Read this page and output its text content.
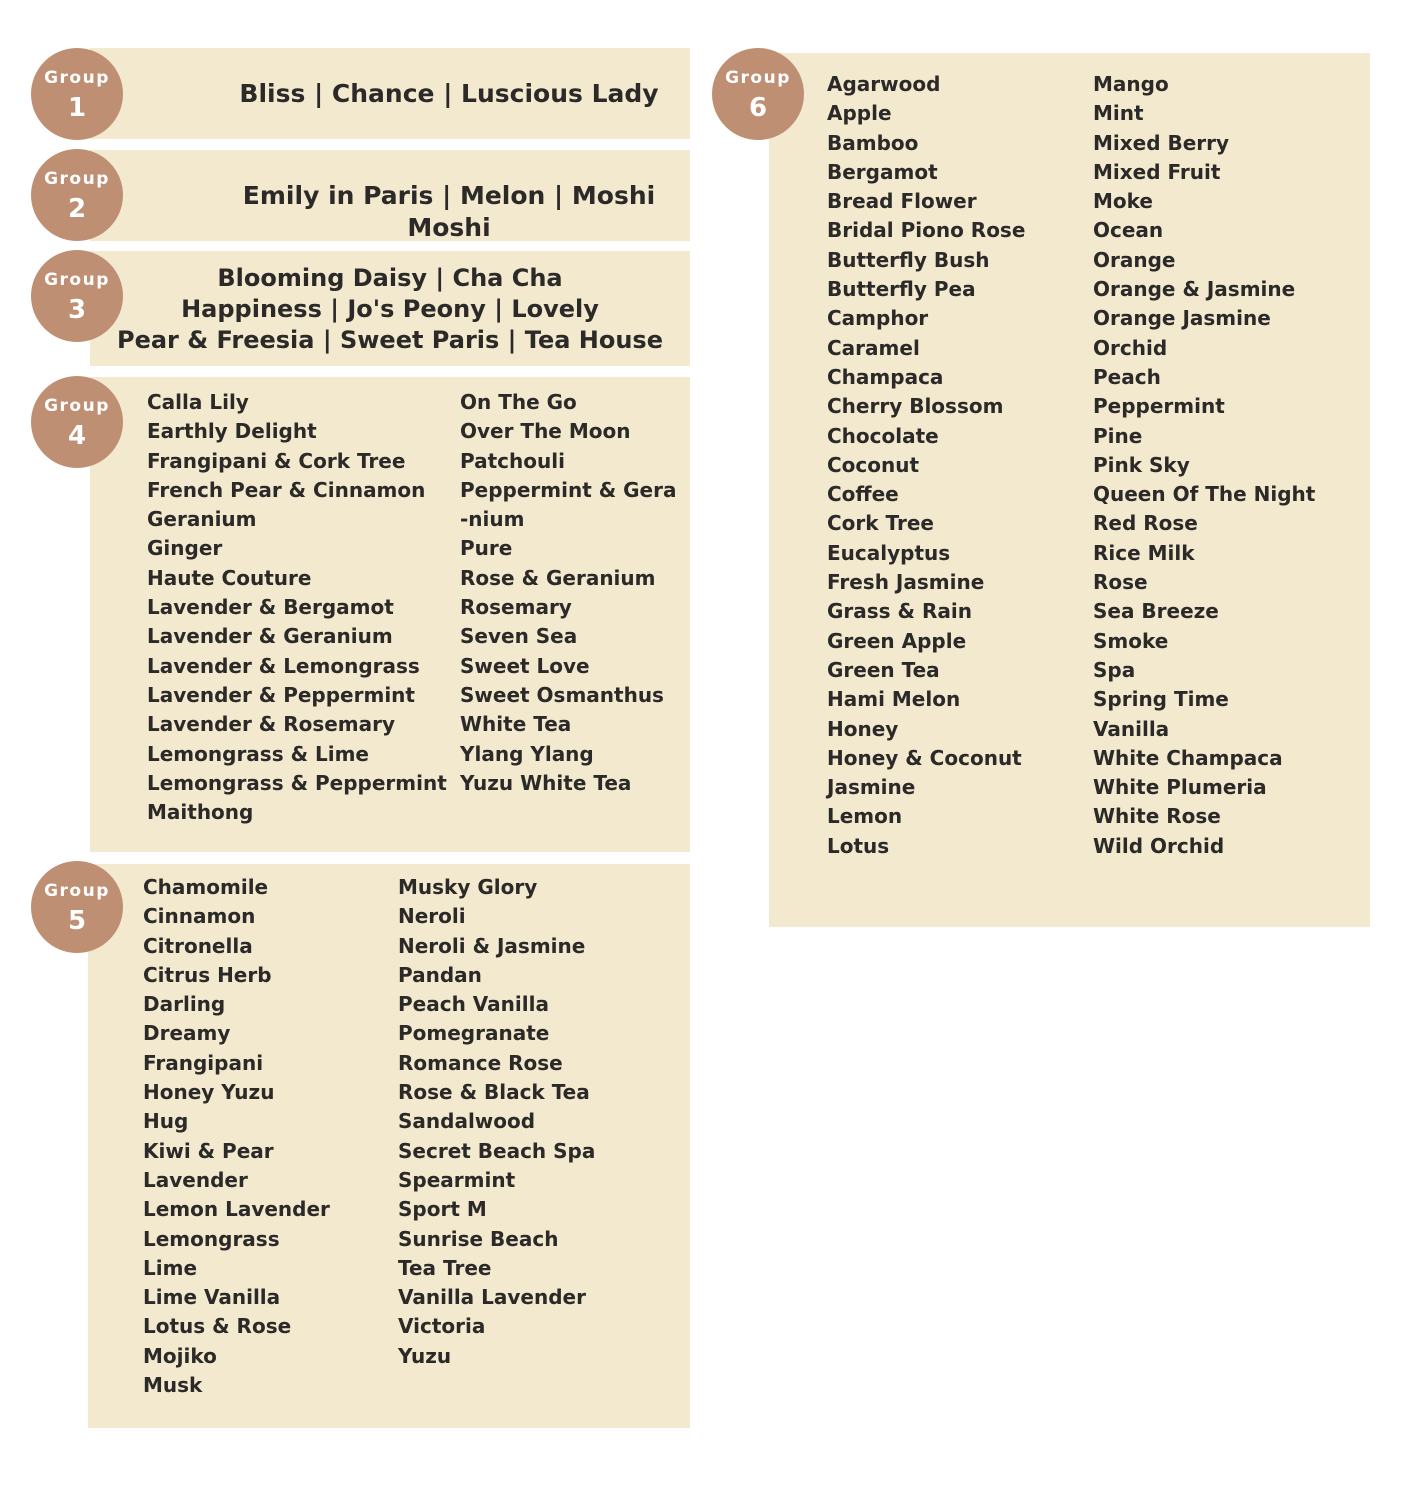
Bliss | Chance | Luscious Lady
Group
1
Emily in Paris | Melon | Moshi Moshi
Group
2
Blooming Daisy | Cha Cha
Happiness | Jo's Peony | Lovely
Pear & Freesia | Sweet Paris | Tea House
Group
3
Calla Lily
Earthly Delight
Frangipani & Cork Tree
French Pear & Cinnamon
Geranium
Ginger
Haute Couture
Lavender & Bergamot
Lavender & Geranium
Lavender & Lemongrass
Lavender & Peppermint
Lavender & Rosemary
Lemongrass & Lime
Lemongrass & Peppermint
Maithong
On The Go
Over The Moon
Patchouli
Peppermint & Gera-nium
Pure
Rose & Geranium
Rosemary
Seven Sea
Sweet Love
Sweet Osmanthus
White Tea
Ylang Ylang
Yuzu White Tea
Group
4
Chamomile
Cinnamon
Citronella
Citrus Herb
Darling
Dreamy
Frangipani
Honey Yuzu
Hug
Kiwi & Pear
Lavender
Lemon Lavender
Lemongrass
Lime
Lime Vanilla
Lotus & Rose
Mojiko
Musk
Musky Glory
Neroli
Neroli & Jasmine
Pandan
Peach Vanilla
Pomegranate
Romance Rose
Rose & Black Tea
Sandalwood
Secret Beach Spa
Spearmint
Sport M
Sunrise Beach
Tea Tree
Vanilla Lavender
Victoria
Yuzu
Group
5
Agarwood
Apple
Bamboo
Bergamot
Bread Flower
Bridal Piono Rose
Butterfly Bush
Butterfly Pea
Camphor
Caramel
Champaca
Cherry Blossom
Chocolate
Coconut
Coffee
Cork Tree
Eucalyptus
Fresh Jasmine
Grass & Rain
Green Apple
Green Tea
Hami Melon
Honey
Honey & Coconut
Jasmine
Lemon
Lotus
Mango
Mint
Mixed Berry
Mixed Fruit
Moke
Ocean
Orange
Orange & Jasmine
Orange Jasmine
Orchid
Peach
Peppermint
Pine
Pink Sky
Queen Of The Night
Red Rose
Rice Milk
Rose
Sea Breeze
Smoke
Spa
Spring Time
Vanilla
White Champaca
White Plumeria
White Rose
Wild Orchid
Group
6
